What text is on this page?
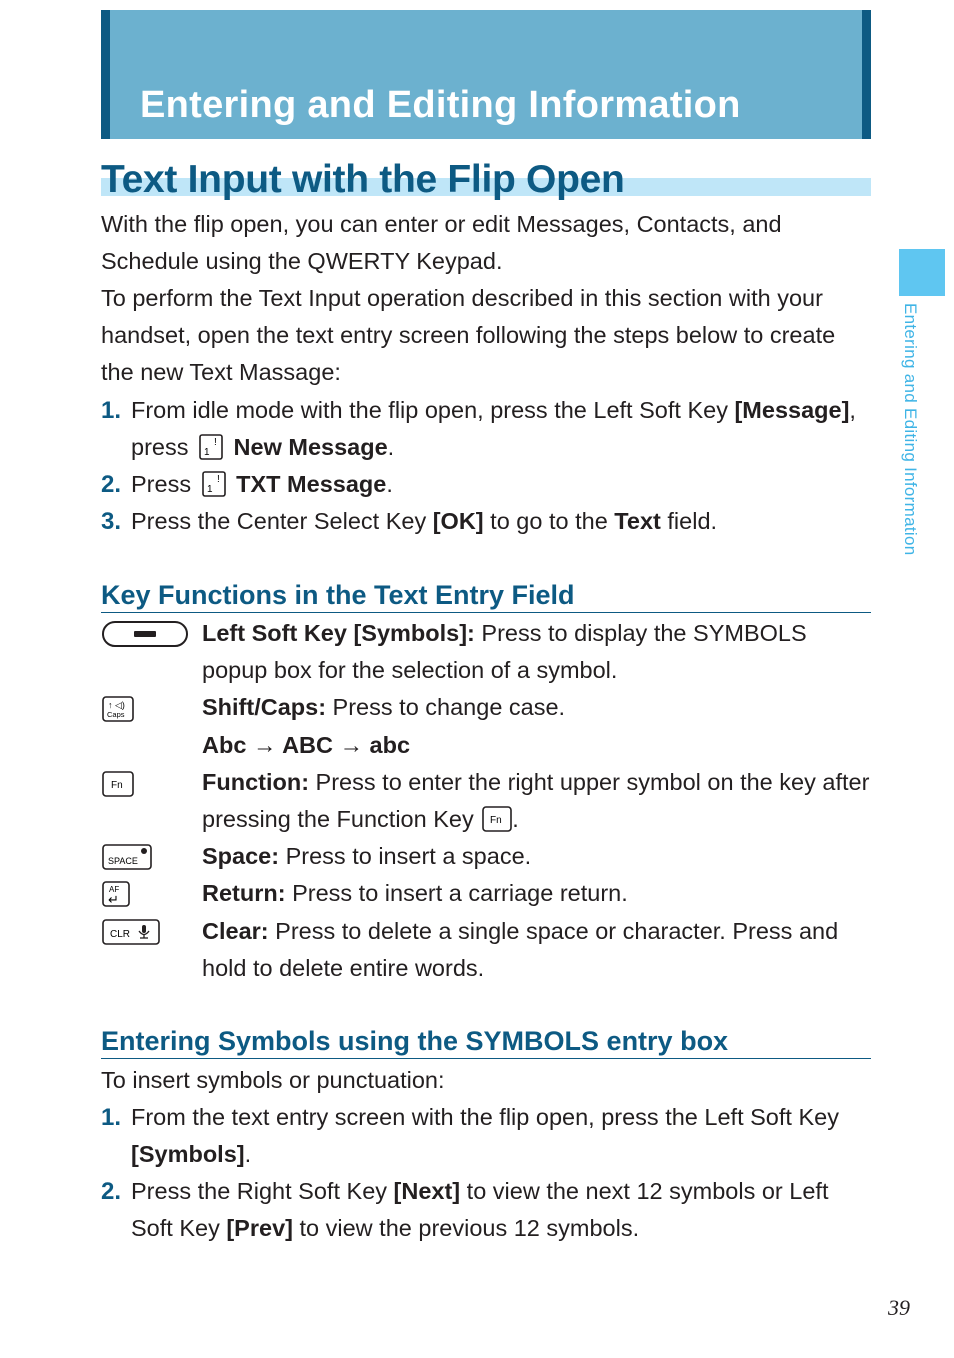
Entering and Editing Information
Text Input with the Flip Open

With the flip open, you can enter or edit Messages, Contacts, and Schedule using the QWERTY Keypad.

To perform the Text Input operation described in this section with your handset, open the text entry screen following the steps below to create the new Text Massage:

1. From idle mode with the flip open, press the Left Soft Key [Message], press 1
! New Message.
2. Press 1
! TXT Message.
3. Press the Center Select Key [OK] to go to the Text field.
Key Functions in the Text Entry Field
Left Soft Key [Symbols]: Press to display the SYMBOLS popup box for the selection of a symbol.
↑ ◁)
Caps	Shift/Caps: Press to change case.
Abc → ABC → abc
Fn	Function: Press to enter the right upper symbol on the key after pressing the Function Key Fn .
SPACE	Space: Press to insert a space.
AF
↵	Return: Press to insert a carriage return.
CLR	Clear: Press to delete a single space or character. Press and hold to delete entire words.
Entering Symbols using the SYMBOLS entry box

To insert symbols or punctuation:

1. From the text entry screen with the flip open, press the Left Soft Key [Symbols].
2. Press the Right Soft Key [Next] to view the next 12 symbols or Left Soft Key [Prev] to view the previous 12 symbols.
Entering and Editing Information
39
